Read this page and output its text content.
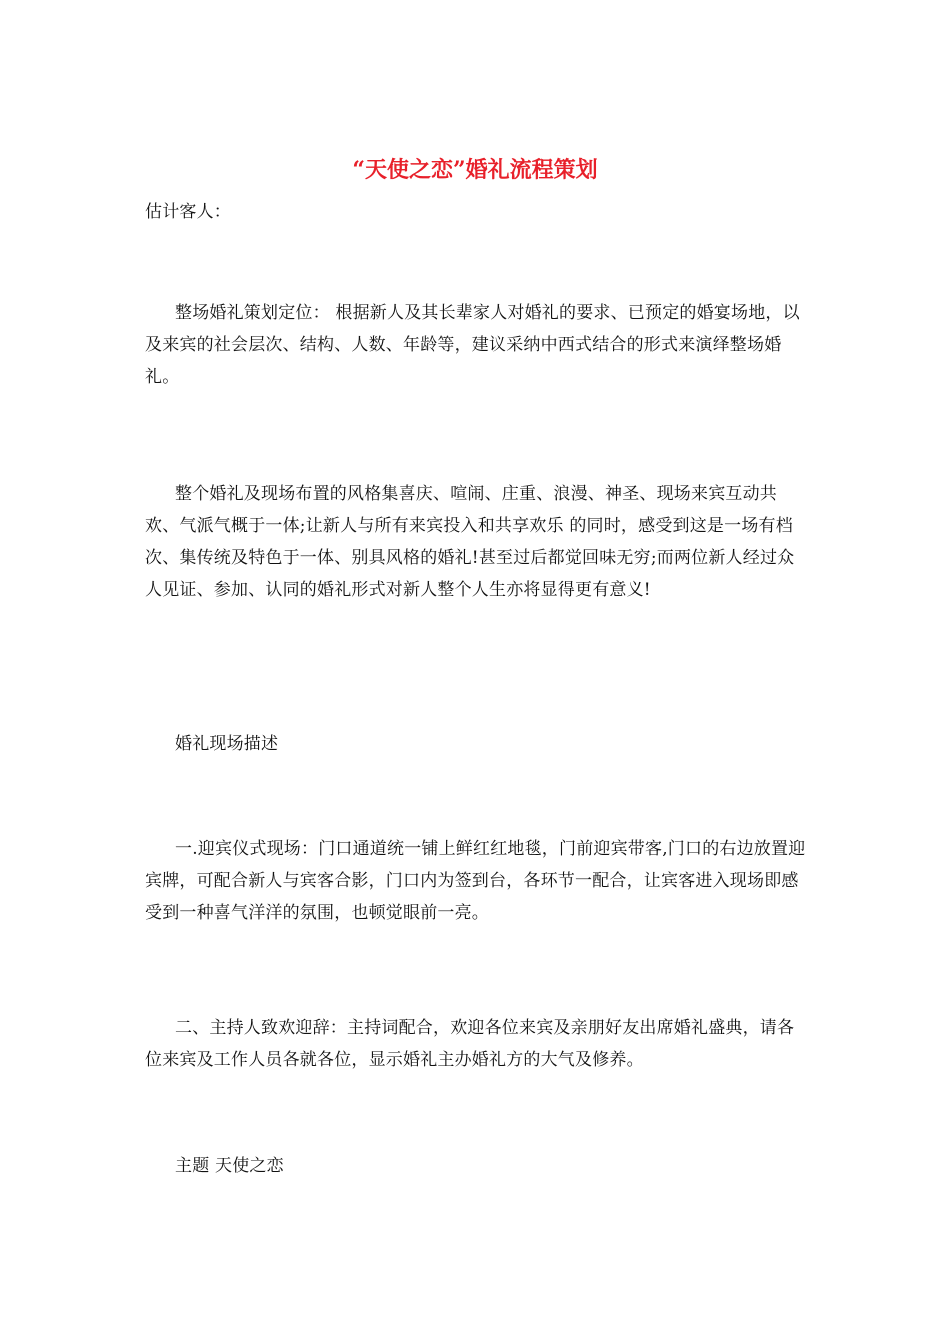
“天使之恋”婚礼流程策划

估计客人：

整场婚礼策划定位： 根据新人及其长辈家人对婚礼的要求、已预定的婚宴场地，以及来宾的社会层次、结构、人数、年龄等，建议采纳中西式结合的形式来演绎整场婚礼。

整个婚礼及现场布置的风格集喜庆、喧闹、庄重、浪漫、神圣、现场来宾互动共欢、气派气概于一体;让新人与所有来宾投入和共享欢乐 的同时，感受到这是一场有档次、集传统及特色于一体、别具风格的婚礼!甚至过后都觉回味无穷;而两位新人经过众人见证、参加、认同的婚礼形式对新人整个人生亦将显得更有意义!

婚礼现场描述

一.迎宾仪式现场：门口通道统一铺上鲜红红地毯，门前迎宾带客,门口的右边放置迎宾牌，可配合新人与宾客合影，门口内为签到台，各环节一配合，让宾客进入现场即感受到一种喜气洋洋的氛围，也顿觉眼前一亮。

二、主持人致欢迎辞：主持词配合，欢迎各位来宾及亲朋好友出席婚礼盛典，请各位来宾及工作人员各就各位，显示婚礼主办婚礼方的大气及修养。

主题 天使之恋
